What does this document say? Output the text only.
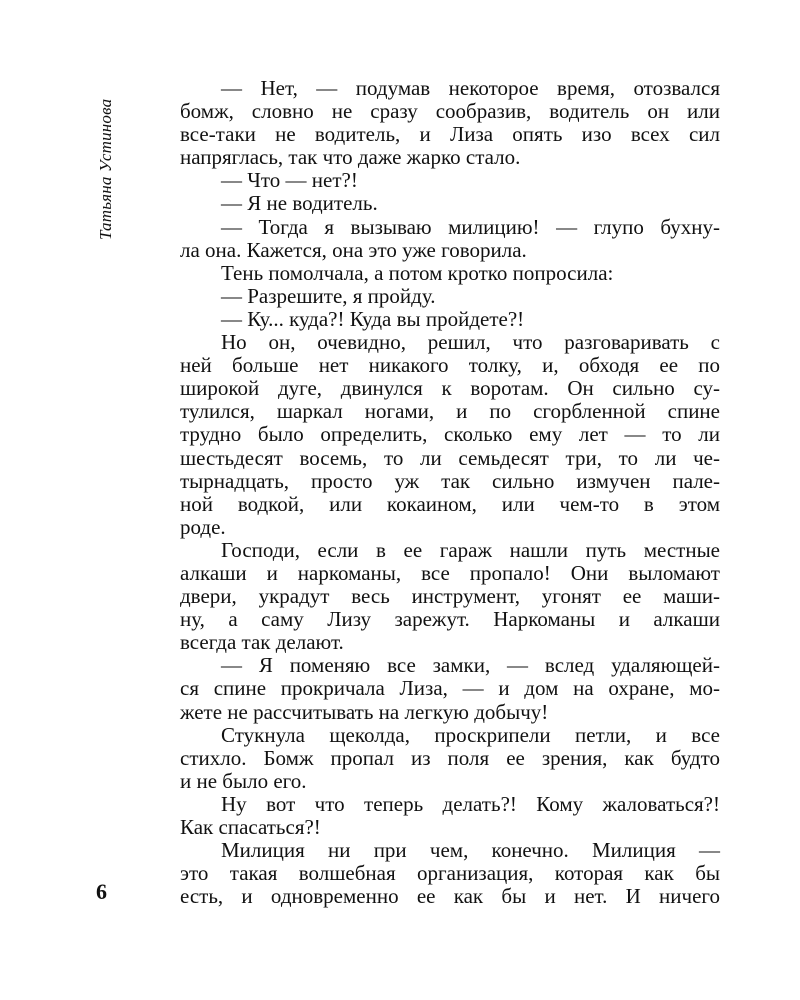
Татьяна Устинова
— Нет, — подумав некоторое время, отозвался
бомж, словно не сразу сообразив, водитель он или
все-таки не водитель, и Лиза опять изо всех сил
напряглась, так что даже жарко стало.
— Что — нет?!
— Я не водитель.
— Тогда я вызываю милицию! — глупо бухну-
ла она. Кажется, она это уже говорила.
Тень помолчала, а потом кротко попросила:
— Разрешите, я пройду.
— Ку... куда?! Куда вы пройдете?!
Но он, очевидно, решил, что разговаривать с
ней больше нет никакого толку, и, обходя ее по
широкой дуге, двинулся к воротам. Он сильно су-
тулился, шаркал ногами, и по сгорбленной спине
трудно было определить, сколько ему лет — то ли
шестьдесят восемь, то ли семьдесят три, то ли че-
тырнадцать, просто уж так сильно измучен пале-
ной водкой, или кокаином, или чем-то в этом
роде.
Господи, если в ее гараж нашли путь местные
алкаши и наркоманы, все пропало! Они выломают
двери, украдут весь инструмент, угонят ее маши-
ну, а саму Лизу зарежут. Наркоманы и алкаши
всегда так делают.
— Я поменяю все замки, — вслед удаляющей-
ся спине прокричала Лиза, — и дом на охране, мо-
жете не рассчитывать на легкую добычу!
Стукнула щеколда, проскрипели петли, и все
стихло. Бомж пропал из поля ее зрения, как будто
и не было его.
Ну вот что теперь делать?! Кому жаловаться?!
Как спасаться?!
Милиция ни при чем, конечно. Милиция —
это такая волшебная организация, которая как бы
есть, и одновременно ее как бы и нет. И ничего
6
